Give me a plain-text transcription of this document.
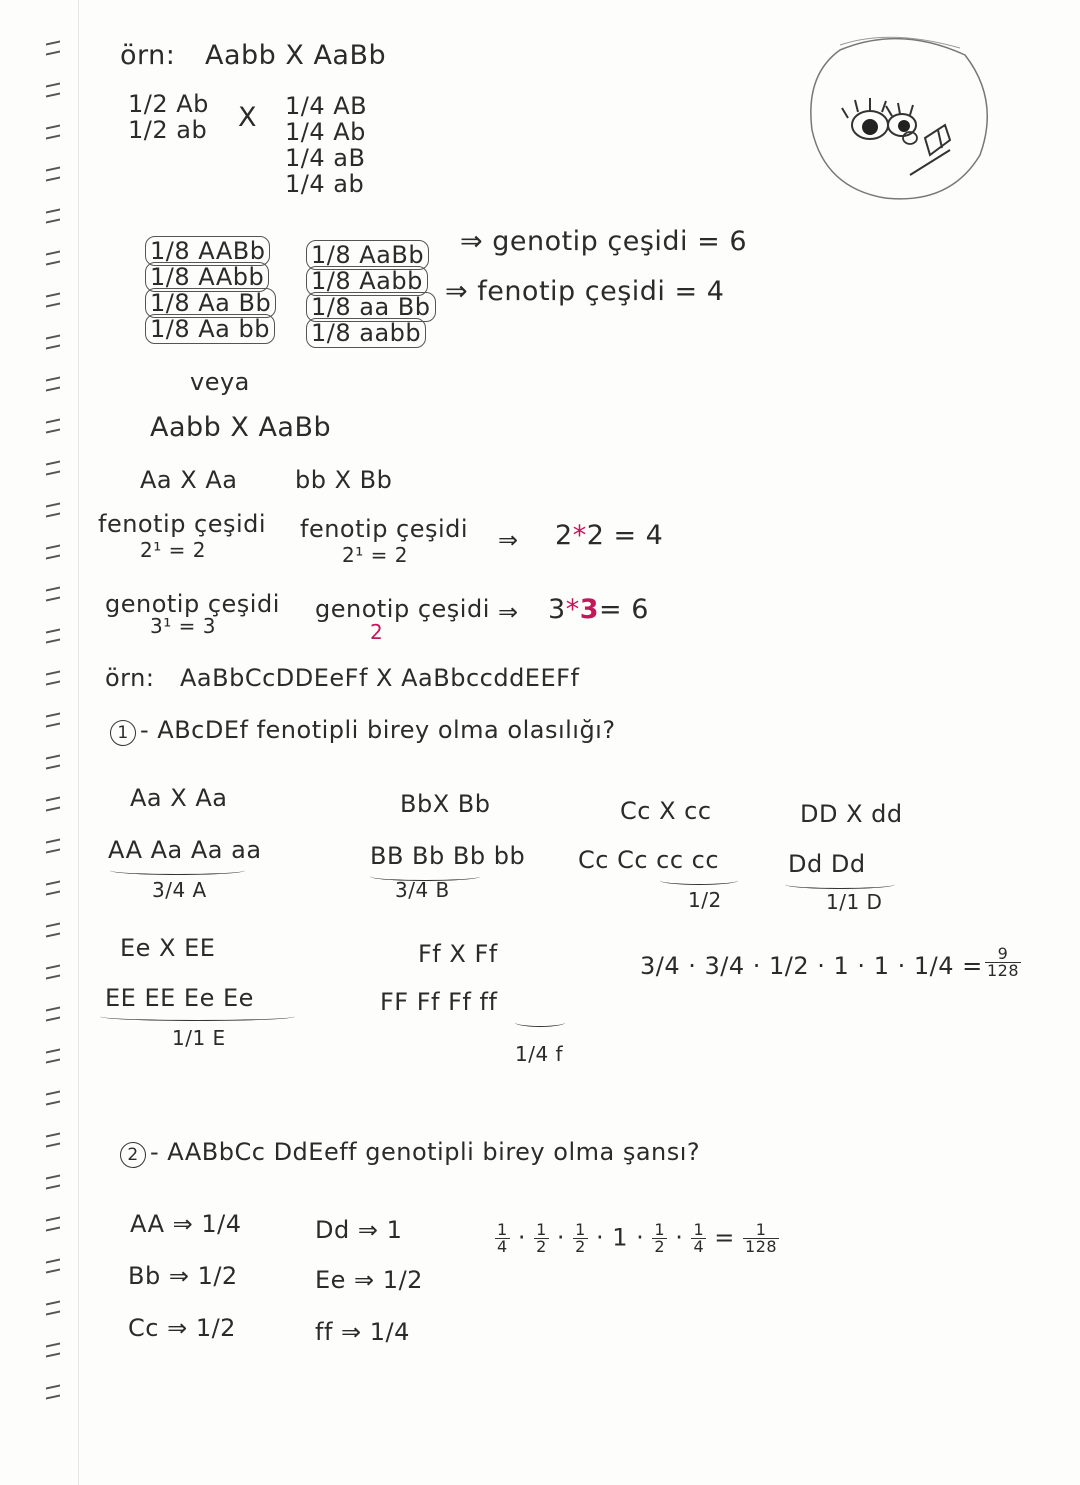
örn: Aabb X AaBb
1/2 Ab
1/2 ab X 1/4 AB
1/4 Ab
1/4 aB
1/4 ab
1/8 AABb
1/8 AAbb
1/8 Aa Bb
1/8 Aa bb
1/8 AaBb
1/8 Aabb
1/8 aa Bb
1/8 aabb
⇒ genotip çeşidi = 6
⇒ fenotip çeşidi = 4
veya
Aabb X AaBb
Aa X Aa bb X Bb
fenotip çeşidi
2¹ = 2
fenotip çeşidi
2¹ = 2
⇒ 2*2 = 4
genotip çeşidi
3¹ = 3
genotip çeşidi
2
⇒ 3*3= 6
örn: AaBbCcDDEeFf X AaBbccddEEFf
1 - ABcDEf fenotipli birey olma olasılığı?
Aa X Aa
AA Aa Aa aa
3/4 A
BbX Bb
BB Bb Bb bb
3/4 B
Cc X cc
Cc Cc cc cc
1/2
DD X dd
Dd Dd
1/1 D
Ee X EE
EE EE Ee Ee
1/1 E
Ff X Ff
FF Ff Ff ff
1/4 f
$3/4 \cdot 3/4 \cdot 1/2 \cdot 1 \cdot 1 \cdot 1/4 = \frac{9}{128}$
2 - AABbCc DdEeff genotipli birey olma şansı?
AA ⇒ 1/4
Bb ⇒ 1/2
Cc ⇒ 1/2
Dd ⇒ 1
Ee ⇒ 1/2
ff ⇒ 1/4
$\frac{1}{4} \cdot \frac{1}{2} \cdot \frac{1}{2} \cdot 1 \cdot \frac{1}{2} \cdot \frac{1}{4} = \frac{1}{128}$
